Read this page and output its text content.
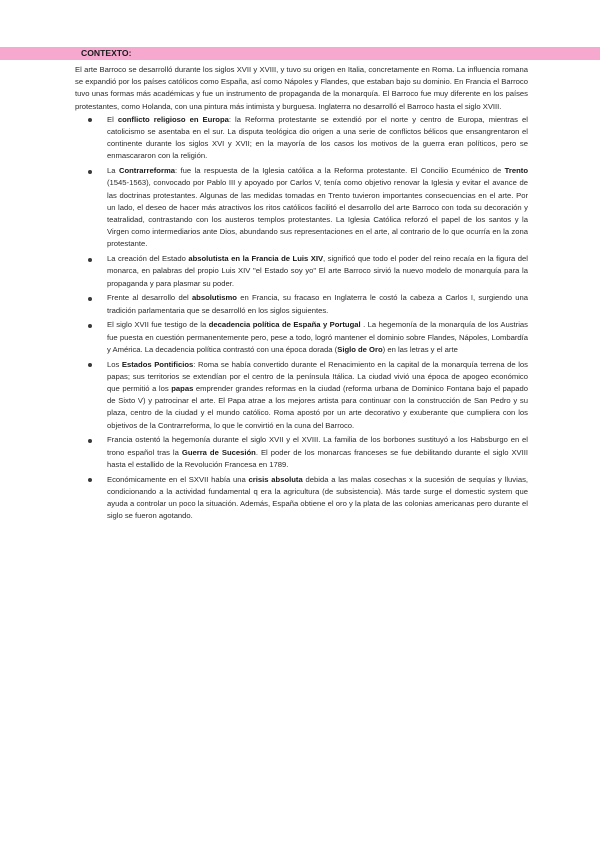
CONTEXTO:

El arte Barroco se desarrolló durante los siglos XVII y XVIII, y tuvo su origen en Italia, concretamente en Roma. La influencia romana se expandió por los países católicos como España, así como Nápoles y Flandes, que estaban bajo su dominio. En Francia el Barroco tuvo unas formas más académicas y fue un instrumento de propaganda de la monarquía. El Barroco fue muy diferente en los países protestantes, como Holanda, con una pintura más intimista y burguesa. Inglaterra no desarrolló el Barroco hasta el siglo XVIII.

El conflicto religioso en Europa: la Reforma protestante se extendió por el norte y centro de Europa, mientras el catolicismo se asentaba en el sur. La disputa teológica dio origen a una serie de conflictos bélicos que ensangrentaron el continente durante los siglos XVI y XVII; en la mayoría de los casos los motivos de la guerra eran políticos, pero se enmascararon con la religión.
La Contrarreforma: fue la respuesta de la Iglesia católica a la Reforma protestante. El Concilio Ecuménico de Trento (1545-1563), convocado por Pablo III y apoyado por Carlos V, tenía como objetivo renovar la Iglesia y evitar el avance de las doctrinas protestantes. Algunas de las medidas tomadas en Trento tuvieron importantes consecuencias en el arte. Por un lado, el deseo de hacer más atractivos los ritos católicos facilitó el desarrollo del arte Barroco con toda su decoración y teatralidad, contrastando con los austeros templos protestantes. La Iglesia Católica reforzó el papel de los santos y la Virgen como intermediarios ante Dios, abundando sus representaciones en el arte, al contrario de lo que ocurría en la zona protestante.
La creación del Estado absolutista en la Francia de Luis XIV, significó que todo el poder del reino recaía en la figura del monarca, en palabras del propio Luis XIV "el Estado soy yo" El arte Barroco sirvió la nuevo modelo de monarquía para la propaganda y para plasmar su poder.
Frente al desarrollo del absolutismo en Francia, su fracaso en Inglaterra le costó la cabeza a Carlos I, surgiendo una tradición parlamentaria que se desarrolló en los siglos siguientes.
El siglo XVII fue testigo de la decadencia política de España y Portugal . La hegemonía de la monarquía de los Austrias fue puesta en cuestión permanentemente pero, pese a todo, logró mantener el dominio sobre Flandes, Nápoles, Lombardía y América. La decadencia política contrastó con una época dorada (Siglo de Oro) en las letras y el arte
Los Estados Pontificios: Roma se había convertido durante el Renacimiento en la capital de la monarquía terrena de los papas; sus territorios se extendían por el centro de la península Itálica. La ciudad vivió una época de apogeo económico que permitió a los papas emprender grandes reformas en la ciudad (reforma urbana de Dominico Fontana bajo el papado de Sixto V) y patrocinar el arte. El Papa atrae a los mejores artista para continuar con la construcción de San Pedro y su plaza, centro de la ciudad y el mundo católico. Roma apostó por un arte decorativo y exuberante que cumpliera con los objetivos de la Contrarreforma, lo que le convirtió en la cuna del Barroco.
Francia ostentó la hegemonía durante el siglo XVII y el XVIII. La familia de los borbones sustituyó a los Habsburgo en el trono español tras la Guerra de Sucesión. El poder de los monarcas franceses se fue debilitando durante el siglo XVIII hasta el estallido de la Revolución Francesa en 1789.
Económicamente en el SXVII había una crisis absoluta debida a las malas cosechas x la sucesión de sequías y lluvias, condicionando a la actividad fundamental q era la agricultura (de subsistencia). Más tarde surge el domestic system que ayuda a controlar un poco la situación. Además, España obtiene el oro y la plata de las colonias americanas pero durante el siglo se fueron agotando.
